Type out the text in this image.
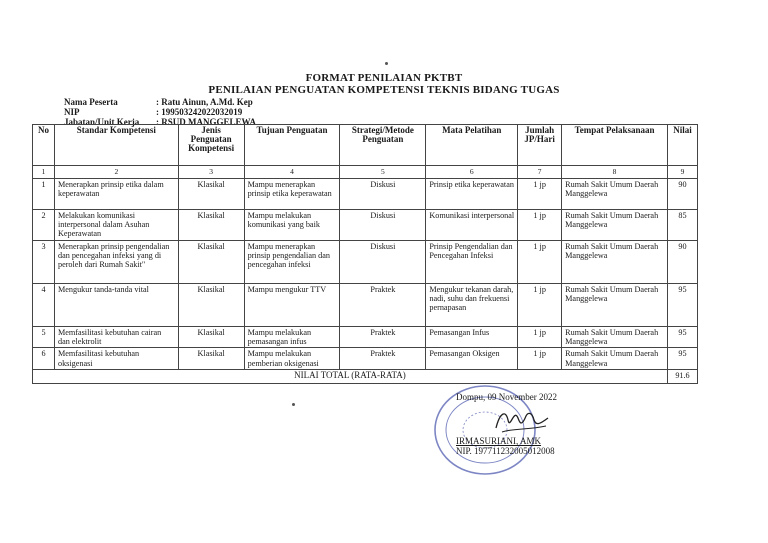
FORMAT PENILAIAN PKTBT
PENILAIAN PENGUATAN KOMPETENSI TEKNIS BIDANG TUGAS
Nama Peserta	: Ratu Ainun, A.Md. Kep
NIP	: 199503242022032019
Jabatan/Unit Kerja	: RSUD MANGGELEWA
No	Standar Kompetensi	Jenis Penguatan Kompetensi	Tujuan Penguatan	Strategi/Metode Penguatan	Mata Pelatihan	Jumlah JP/Hari	Tempat Pelaksanaan	Nilai
1	2	3	4	5	6	7	8	9
1	Menerapkan prinsip etika dalam keperawatan	Klasikal	Mampu menerapkan prinsip etika keperawatan	Diskusi	Prinsip etika keperawatan	1 jp	Rumah Sakit Umum Daerah Manggelewa	90
2	Melakukan komunikasi interpersonal dalam Asuhan Keperawatan	Klasikal	Mampu melakukan komunikasi yang baik	Diskusi	Komunikasi interpersonal	1 jp	Rumah Sakit Umum Daerah Manggelewa	85
3	Menerapkan prinsip pengendalian dan pencegahan infeksi yang di peroleh dari Rumah Sakit"	Klasikal	Mampu menerapkan prinsip pengendalian dan pencegahan infeksi	Diskusi	Prinsip Pengendalian dan Pencegahan Infeksi	1 jp	Rumah Sakit Umum Daerah Manggelewa	90
4	Mengukur tanda-tanda vital	Klasikal	Mampu mengukur TTV	Praktek	Mengukur tekanan darah, nadi, suhu dan frekuensi pernapasan	1 jp	Rumah Sakit Umum Daerah Manggelewa	95
5	Memfasilitasi kebutuhan cairan dan elektrolit	Klasikal	Mampu melakukan pemasangan infus	Praktek	Pemasangan Infus	1 jp	Rumah Sakit Umum Daerah Manggelewa	95
6	Memfasilitasi kebutuhan oksigenasi	Klasikal	Mampu melakukan pemberian oksigenasi	Praktek	Pemasangan Oksigen	1 jp	Rumah Sakit Umum Daerah Manggelewa	95
NILAI TOTAL (RATA-RATA)								91.6
Dompu, 09 November 2022
IRMASURIANI, AMK
NIP. 197711232005012008
